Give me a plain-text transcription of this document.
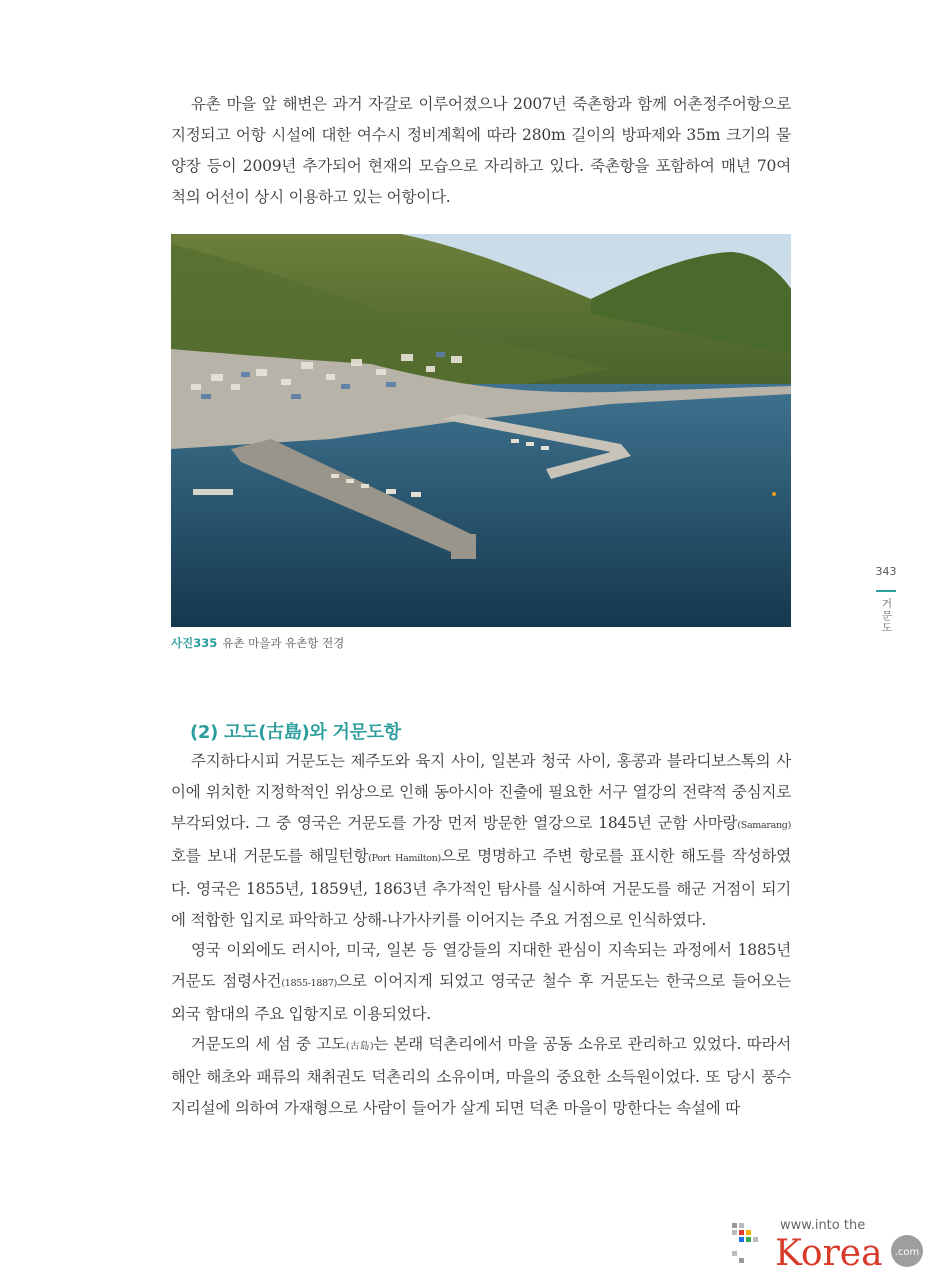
유촌 마을 앞 해변은 과거 자갈로 이루어졌으나 2007년 죽촌항과 함께 어촌정주어항으로 지정되고 어항 시설에 대한 여수시 정비계획에 따라 280m 길이의 방파제와 35m 크기의 물양장 등이 2009년 추가되어 현재의 모습으로 자리하고 있다. 죽촌항을 포함하여 매년 70여 척의 어선이 상시 이용하고 있는 어항이다.

사진335 유촌 마을과 유촌항 전경
(2) 고도(古島)와 거문도항

주지하다시피 거문도는 제주도와 육지 사이, 일본과 청국 사이, 홍콩과 블라디보스톡의 사이에 위치한 지정학적인 위상으로 인해 동아시아 진출에 필요한 서구 열강의 전략적 중심지로 부각되었다. 그 중 영국은 거문도를 가장 먼저 방문한 열강으로 1845년 군함 사마랑(Samarang)호를 보내 거문도를 해밀턴항(Port Hamilton)으로 명명하고 주변 항로를 표시한 해도를 작성하였다. 영국은 1855년, 1859년, 1863년 추가적인 탐사를 실시하여 거문도를 해군 거점이 되기에 적합한 입지로 파악하고 상해-나가사키를 이어지는 주요 거점으로 인식하였다.

영국 이외에도 러시아, 미국, 일본 등 열강들의 지대한 관심이 지속되는 과정에서 1885년 거문도 점령사건(1855-1887)으로 이어지게 되었고 영국군 철수 후 거문도는 한국으로 들어오는 외국 함대의 주요 입항지로 이용되었다.

거문도의 세 섬 중 고도(古島)는 본래 덕촌리에서 마을 공동 소유로 관리하고 있었다. 따라서 해안 해초와 패류의 채취권도 덕촌리의 소유이며, 마을의 중요한 소득원이었다. 또 당시 풍수지리설에 의하여 가재형으로 사람이 들어가 살게 되면 덕촌 마을이 망한다는 속설에 따

343
거문도
www.into the
Korea .com
